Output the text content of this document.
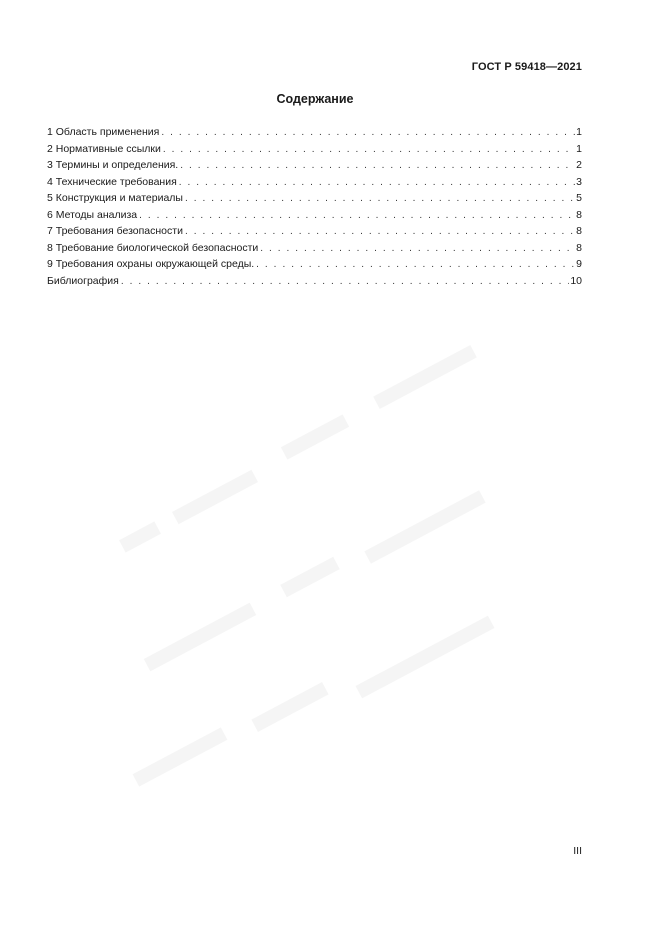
ГОСТ Р 59418—2021
Содержание
1 Область применения . . .	1
2 Нормативные ссылки . . .	1
3 Термины и определения. . . .	2
4 Технические требования . . .	3
5 Конструкция и материалы . . .	5
6 Методы анализа . . .	8
7 Требования безопасности . . .	8
8 Требование биологической безопасности . . .	8
9 Требования охраны окружающей среды. . . .	9
Библиография . . .	10
III
